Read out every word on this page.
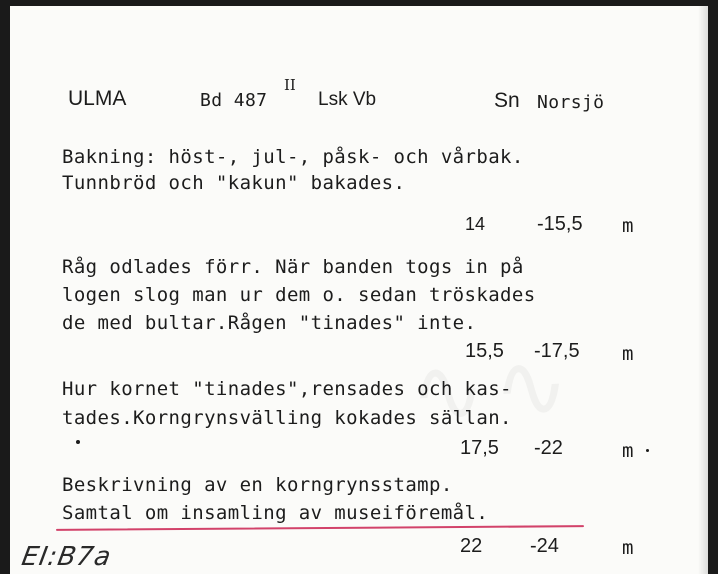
ULMA	Bd 487
II
Lsk Vb	Sn Norsjö
Bakning: höst-, jul-, påsk- och vårbak.
Tunnbröd och "kakun" bakades.
14	-15,5 m
Råg odlades förr. När banden togs in på
logen slog man ur dem o. sedan tröskades
de med bultar.Rågen "tinades" inte.
15,5 -17,5 m
Hur kornet "tinades",rensades och kas-
tades.Korngrynsvälling kokades sällan.
17,5 -22	m
Beskrivning av en korngrynsstamp.
Samtal om insamling av museiföremål.
22 -24	m
EI:B7a
